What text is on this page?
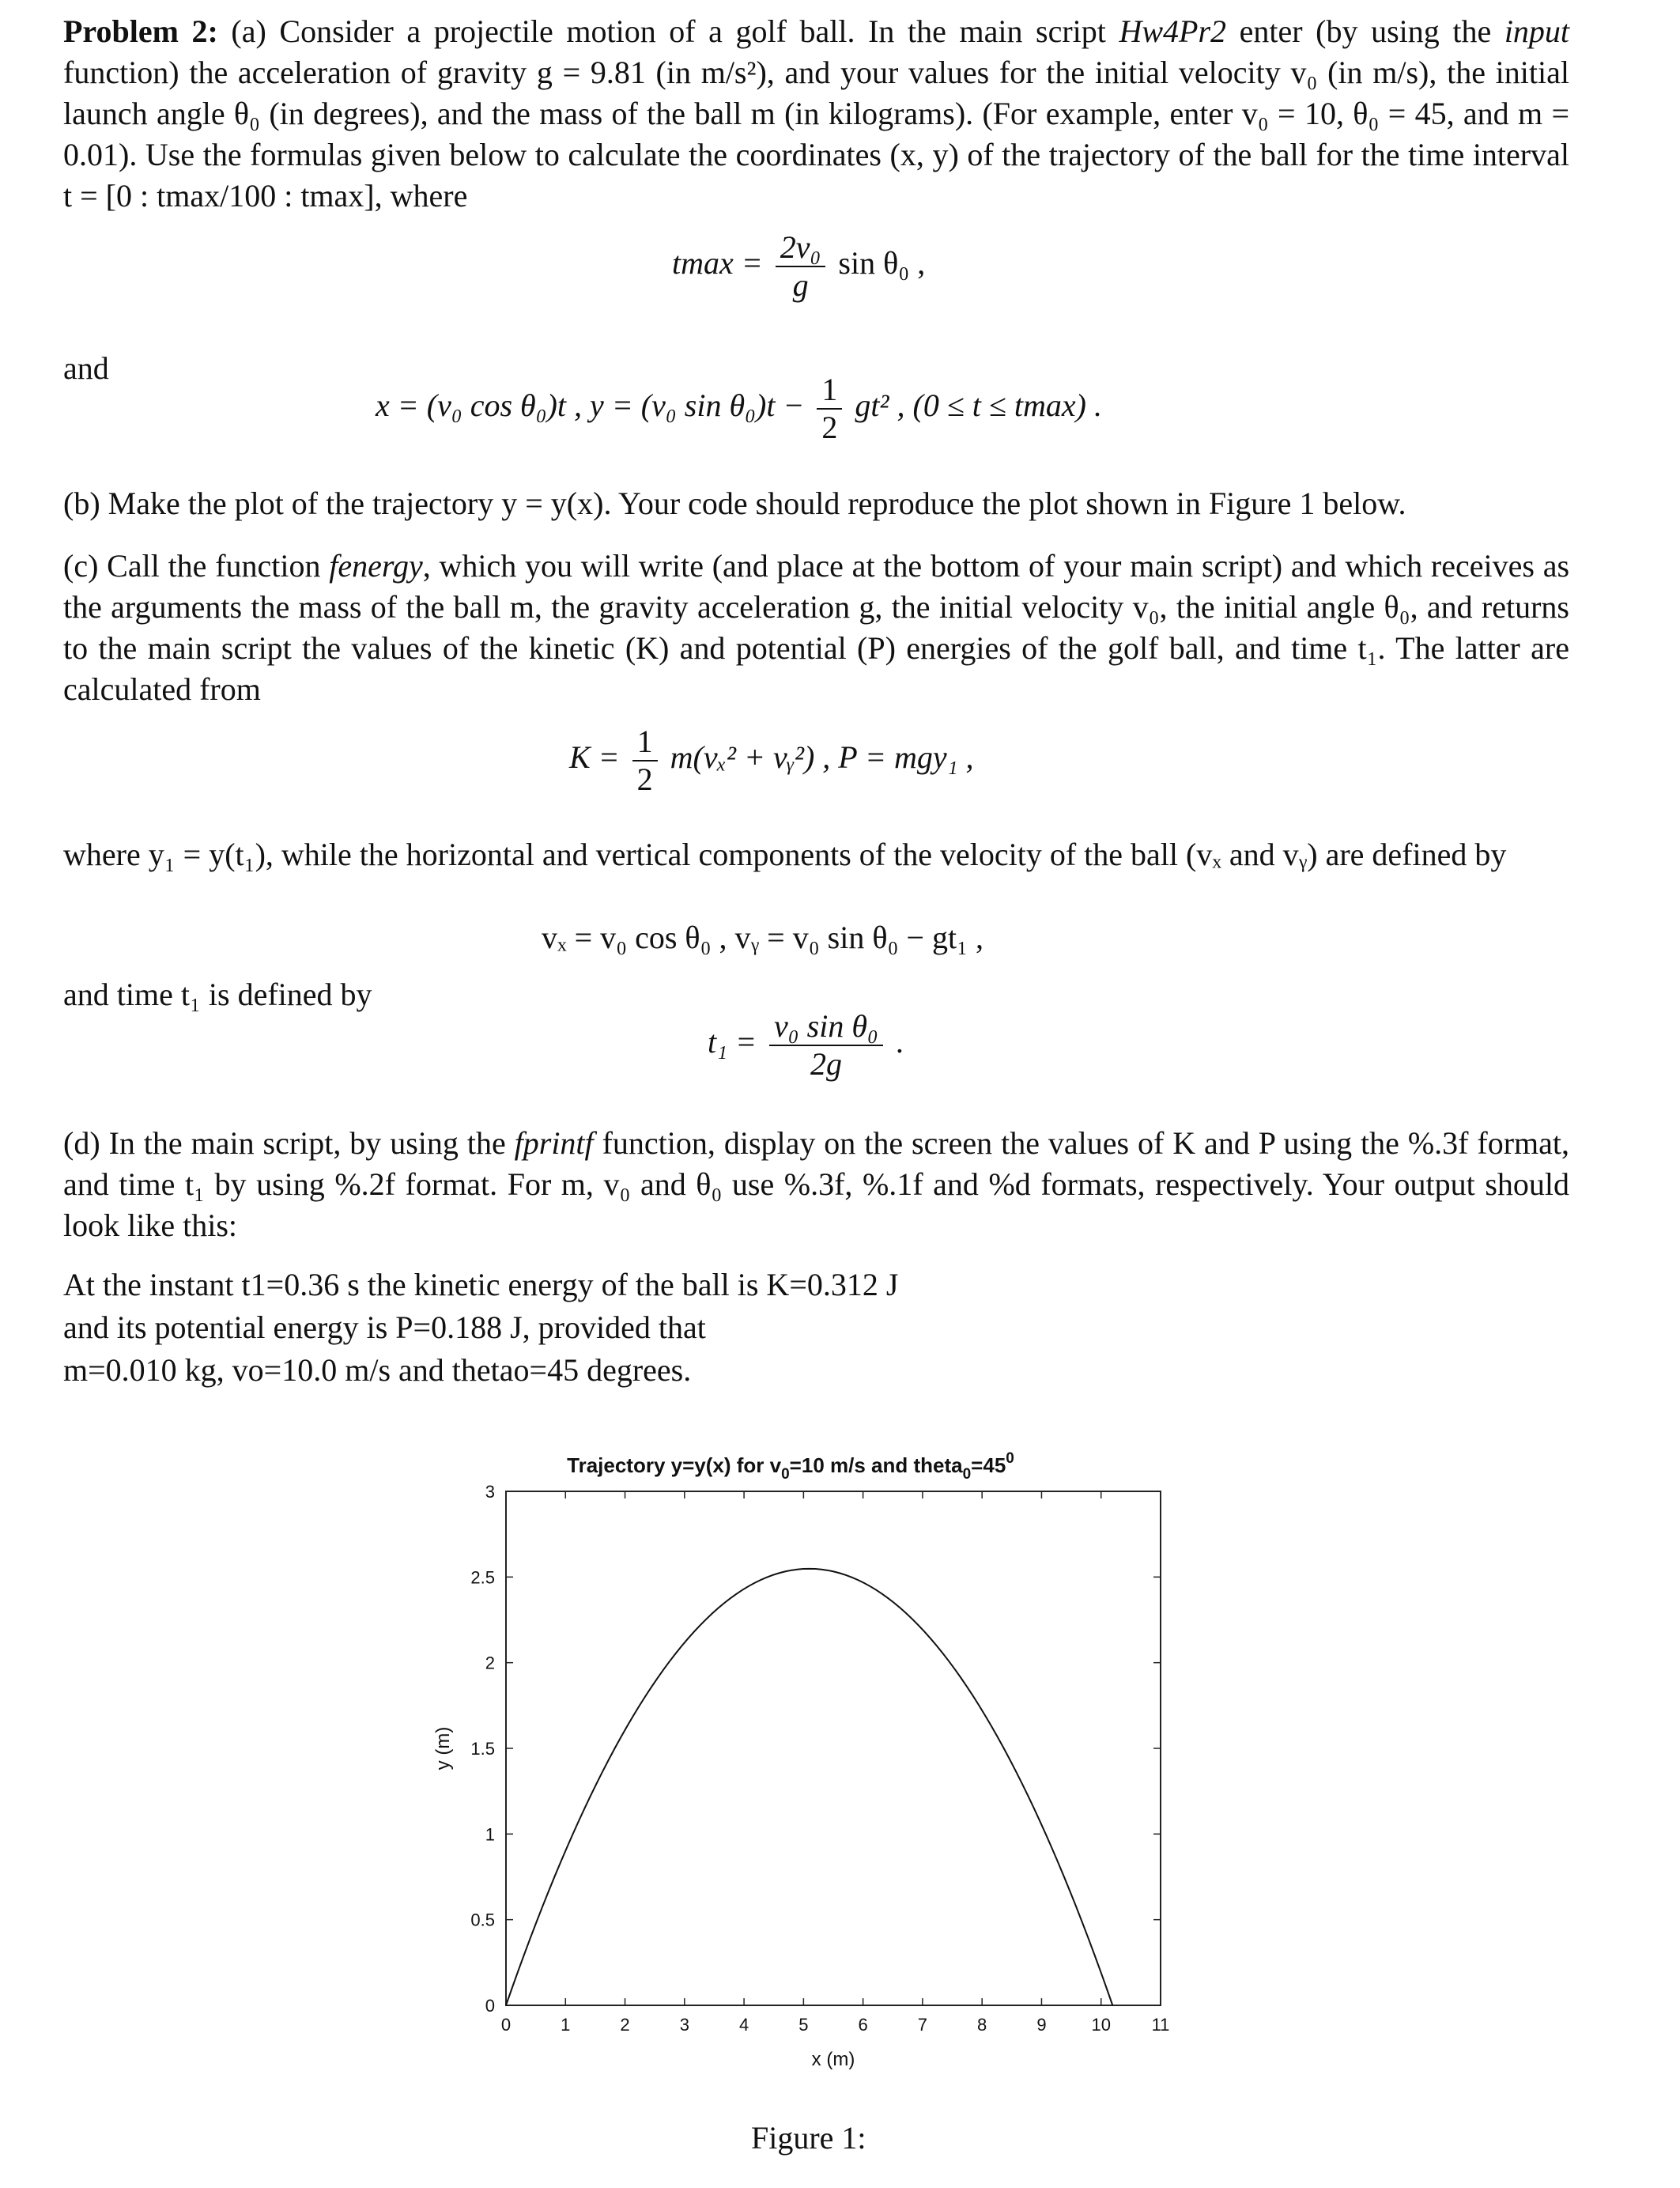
Problem 2: (a) Consider a projectile motion of a golf ball. In the main script Hw4Pr2 enter (by using the input function) the acceleration of gravity g = 9.81 (in m/s²), and your values for the initial velocity v₀ (in m/s), the initial launch angle θ₀ (in degrees), and the mass of the ball m (in kilograms). (For example, enter v₀ = 10, θ₀ = 45, and m = 0.01). Use the formulas given below to calculate the coordinates (x, y) of the trajectory of the ball for the time interval t = [0 : tmax/100 : tmax], where
$tmax = \frac{\text{2v₀}}{g}$ sin θ₀ ,
and
x = (v₀ cos θ₀)t , y = (v₀ $\sin \theta_0)t - \frac{1}{2} gt^2$ , (0 ≤ t ≤ tmax) .
(b) Make the plot of the trajectory y = y(x). Your code should reproduce the plot shown in Figure 1 below.
(c) Call the function fenergy, which you will write (and place at the bottom of your main script) and which receives as the arguments the mass of the ball m, the gravity acceleration g, the initial velocity v₀, the initial angle θ₀, and returns to the main script the values of the kinetic (K) and potential (P) energies of the golf ball, and time t₁. The latter are calculated from
$K = \frac{1}{2} m(v_x^2$ + vᵧ²) , P = mgy₁ ,
where y₁ = y(t₁), while the horizontal and vertical components of the velocity of the ball (vₓ and vᵧ) are defined by
vₓ = v₀ cos θ₀ , vᵧ = v₀ sin θ₀ − gt₁ ,
and time t₁ is defined by
$t_1 = \frac{\text{v₀ sin θ₀}}{2g}$ .
(d) In the main script, by using the fprintf function, display on the screen the values of K and P using the %.3f format, and time t₁ by using %.2f format. For m, v₀ and θ₀ use %.3f, %.1f and %d formats, respectively. Your output should look like this:
At the instant t1=0.36 s the kinetic energy of the ball is K=0.312 J
and its potential energy is P=0.188 J, provided that
m=0.010 kg, vo=10.0 m/s and thetao=45 degrees.
Trajectory y=y(x) for $v_0=10$ m/s and $theta_0=45^0$
0	1	2	3	4	5	6	7	8	9	10 11
0
0.5
1
1.5
2
2.5
3
x (m)
y (m)
Figure 1:
